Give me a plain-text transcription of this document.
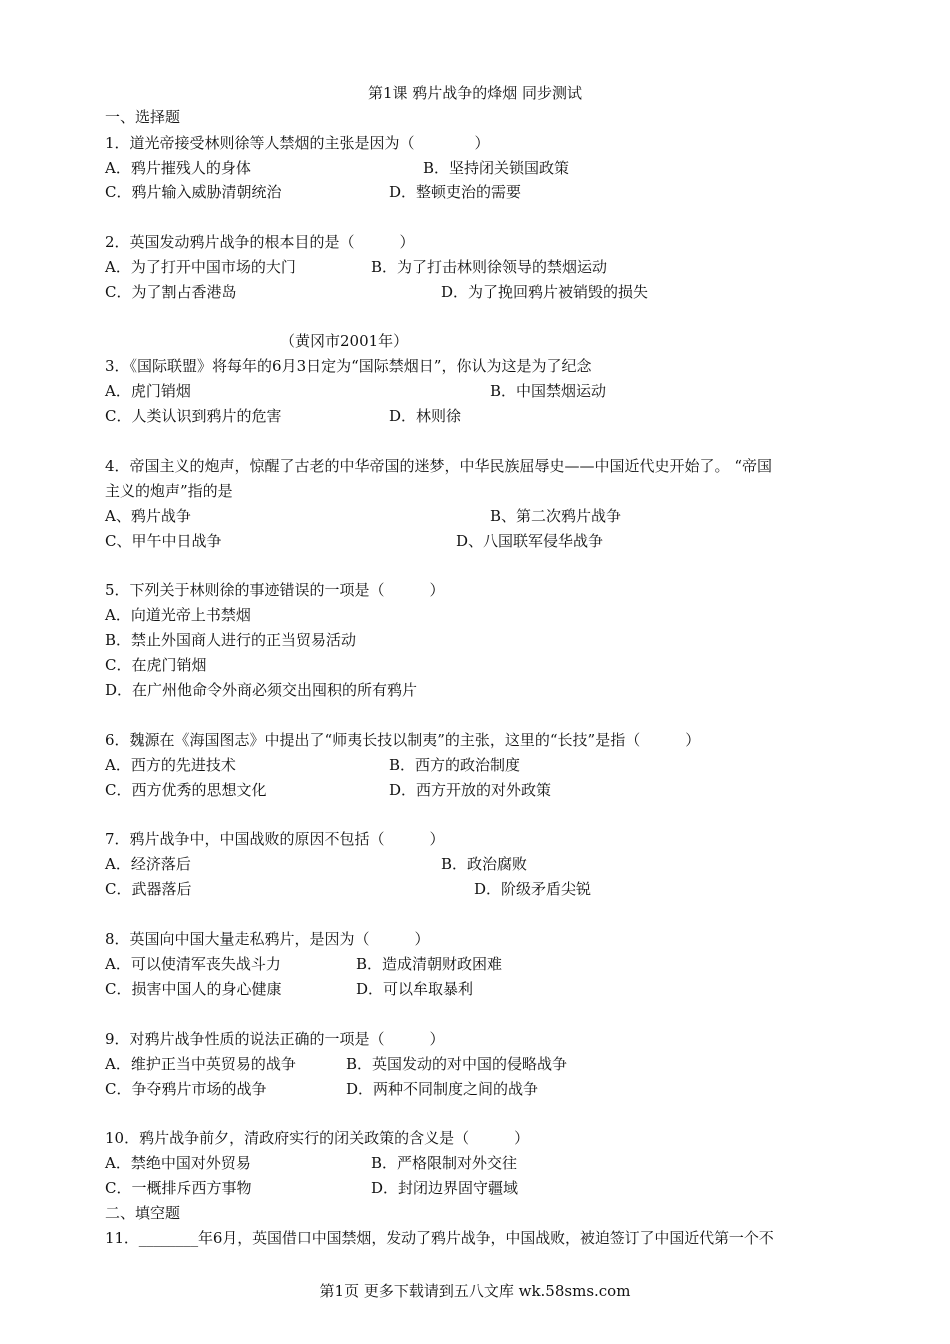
第1课 鸦片战争的烽烟 同步测试
一、选择题
1．道光帝接受林则徐等人禁烟的主张是因为（　　　　）
A．鸦片摧残人的身体	B．坚持闭关锁国政策
C．鸦片输入威胁清朝统治	D．整顿吏治的需要
2．英国发动鸦片战争的根本目的是（　　　）
A．为了打开中国市场的大门	B．为了打击林则徐领导的禁烟运动
C．为了割占香港岛	D．为了挽回鸦片被销毁的损失
（黄冈市2001年）
3．《国际联盟》将每年的6月3日定为“国际禁烟日”，你认为这是为了纪念
A．虎门销烟	B．中国禁烟运动
C．人类认识到鸦片的危害	D．林则徐
4．帝国主义的炮声，惊醒了古老的中华帝国的迷梦，中华民族屈辱史——中国近代史开始了。 “帝国
主义的炮声”指的是
A、鸦片战争	B、第二次鸦片战争
C、甲午中日战争	D、八国联军侵华战争
5．下列关于林则徐的事迹错误的一项是（　　　）
A．向道光帝上书禁烟
B．禁止外国商人进行的正当贸易活动
C．在虎门销烟
D．在广州他命令外商必须交出囤积的所有鸦片
6．魏源在《海国图志》中提出了“师夷长技以制夷”的主张，这里的“长技”是指（　　　）
A．西方的先进技术	B．西方的政治制度
C．西方优秀的思想文化	D．西方开放的对外政策
7．鸦片战争中，中国战败的原因不包括（　　　）
A．经济落后	B．政治腐败
C．武器落后	D．阶级矛盾尖锐
8．英国向中国大量走私鸦片，是因为（　　　）
A．可以使清军丧失战斗力	B．造成清朝财政困难
C．损害中国人的身心健康	D．可以牟取暴利
9．对鸦片战争性质的说法正确的一项是（　　　）
A．维护正当中英贸易的战争	B．英国发动的对中国的侵略战争
C．争夺鸦片市场的战争	D．两种不同制度之间的战争
10．鸦片战争前夕，清政府实行的闭关政策的含义是（　　　）
A．禁绝中国对外贸易	B．严格限制对外交往
C．一概排斥西方事物	D．封闭边界固守疆域
二、填空题
11．________年6月，英国借口中国禁烟，发动了鸦片战争，中国战败，被迫签订了中国近代第一个不
第1页 更多下载请到五八文库 wk.58sms.com
